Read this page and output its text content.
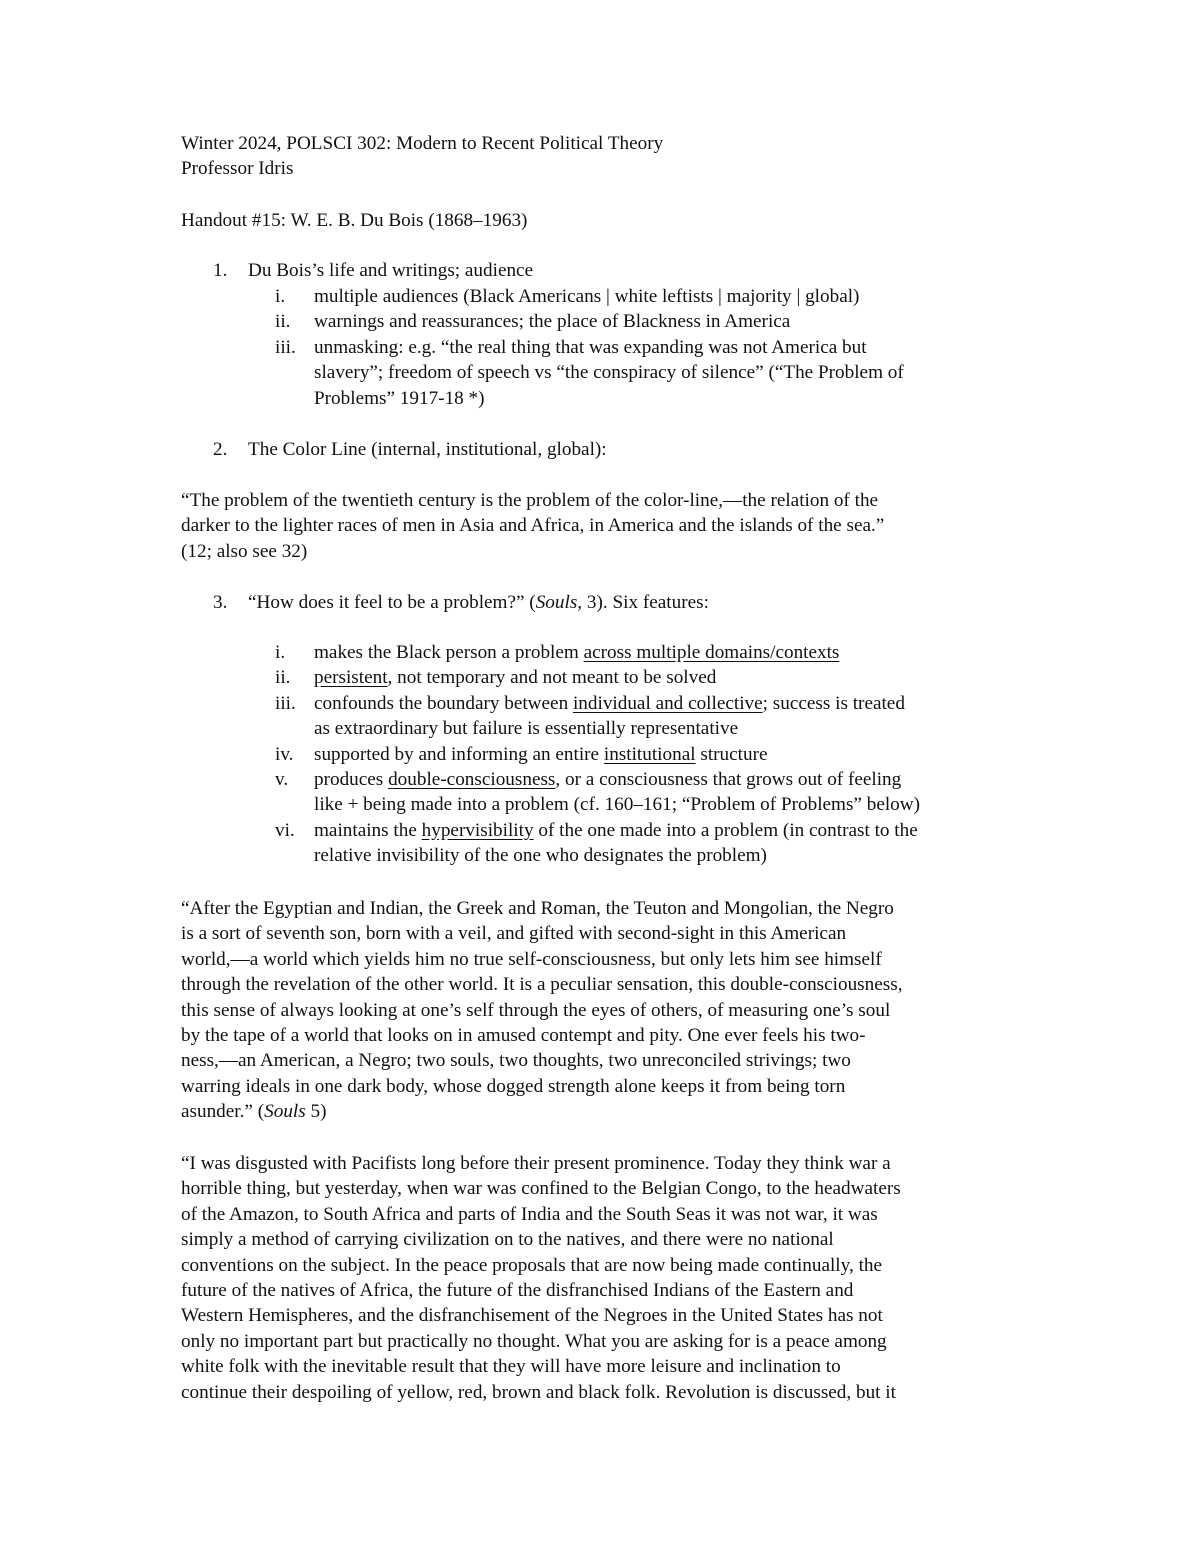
Winter 2024, POLSCI 302: Modern to Recent Political Theory
Professor Idris
Handout #15: W. E. B. Du Bois (1868–1963)
1. Du Bois’s life and writings; audience
i.	multiple audiences (Black Americans | white leftists | majority | global)
ii.	warnings and reassurances; the place of Blackness in America
iii. unmasking: e.g. “the real thing that was expanding was not America but
slavery”; freedom of speech vs “the conspiracy of silence” (“The Problem of
Problems” 1917-18 *)
2. The Color Line (internal, institutional, global):
“The problem of the twentieth century is the problem of the color-line,—the relation of the
darker to the lighter races of men in Asia and Africa, in America and the islands of the sea.”
(12; also see 32)
3. “How does it feel to be a problem?” (Souls, 3). Six features:
i.	makes the Black person a problem across multiple domains/contexts
ii.	persistent, not temporary and not meant to be solved
iii. confounds the boundary between individual and collective; success is treated
as extraordinary but failure is essentially representative
iv.	supported by and informing an entire institutional structure
v.	produces double-consciousness, or a consciousness that grows out of feeling
like + being made into a problem (cf. 160–161; “Problem of Problems” below)
vi.	maintains the hypervisibility of the one made into a problem (in contrast to the
relative invisibility of the one who designates the problem)
“After the Egyptian and Indian, the Greek and Roman, the Teuton and Mongolian, the Negro
is a sort of seventh son, born with a veil, and gifted with second-sight in this American
world,—a world which yields him no true self-consciousness, but only lets him see himself
through the revelation of the other world. It is a peculiar sensation, this double-consciousness,
this sense of always looking at one’s self through the eyes of others, of measuring one’s soul
by the tape of a world that looks on in amused contempt and pity. One ever feels his two-
ness,—an American, a Negro; two souls, two thoughts, two unreconciled strivings; two
warring ideals in one dark body, whose dogged strength alone keeps it from being torn
asunder.” (Souls 5)
“I was disgusted with Pacifists long before their present prominence. Today they think war a
horrible thing, but yesterday, when war was confined to the Belgian Congo, to the headwaters
of the Amazon, to South Africa and parts of India and the South Seas it was not war, it was
simply a method of carrying civilization on to the natives, and there were no national
conventions on the subject. In the peace proposals that are now being made continually, the
future of the natives of Africa, the future of the disfranchised Indians of the Eastern and
Western Hemispheres, and the disfranchisement of the Negroes in the United States has not
only no important part but practically no thought. What you are asking for is a peace among
white folk with the inevitable result that they will have more leisure and inclination to
continue their despoiling of yellow, red, brown and black folk. Revolution is discussed, but it
